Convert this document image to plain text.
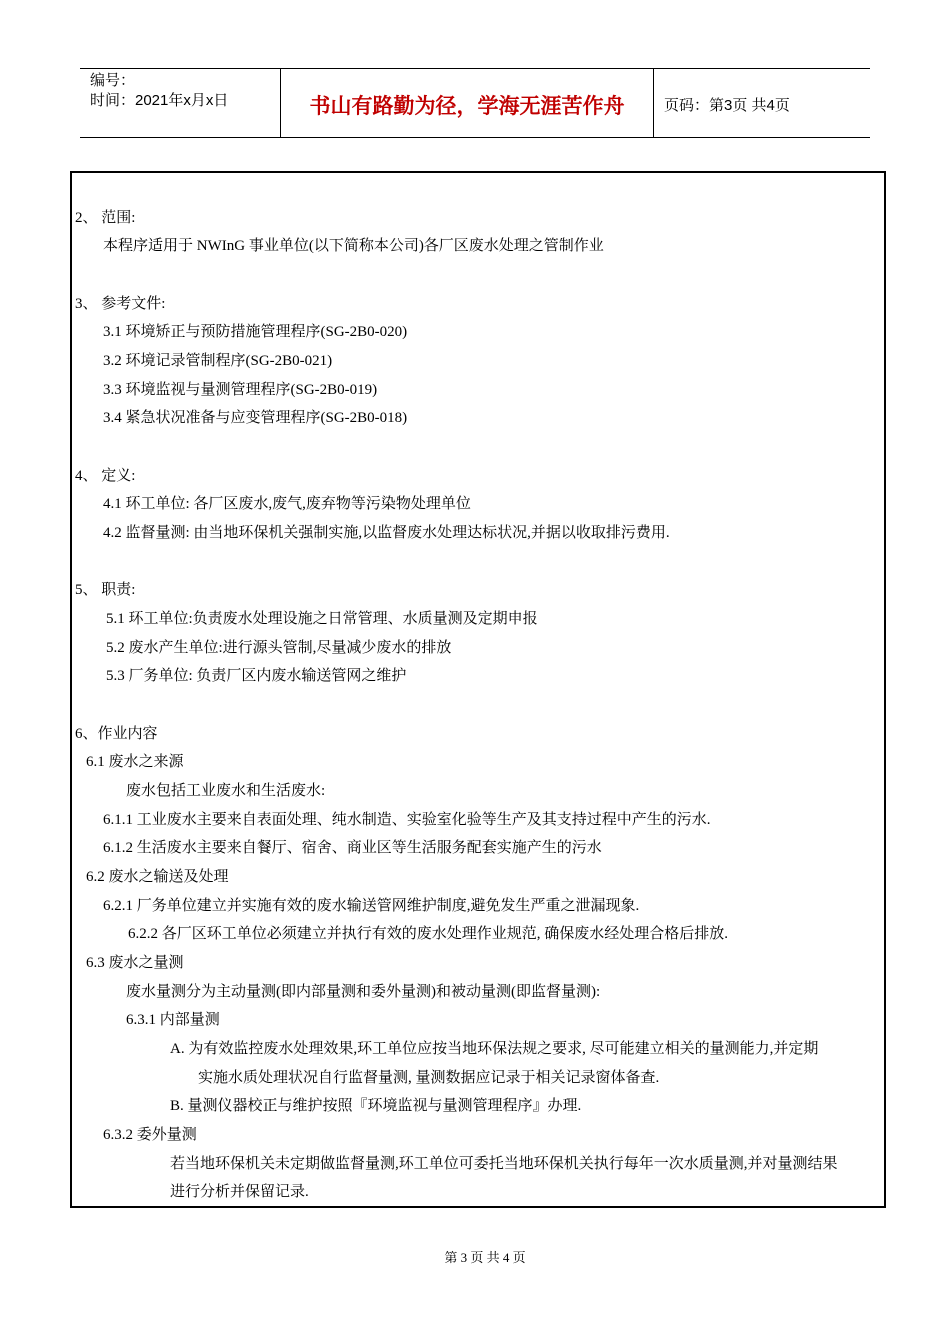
编号：
时间：2021年x月x日	书山有路勤为径，学海无涯苦作舟	页码：第3页 共4页
2、 范围:
本程序适用于 NWInG 事业单位(以下简称本公司)各厂区废水处理之管制作业
3、 参考文件:
3.1 环境矫正与预防措施管理程序(SG-2B0-020)
3.2 环境记录管制程序(SG-2B0-021)
3.3 环境监视与量测管理程序(SG-2B0-019)
3.4 紧急状况准备与应变管理程序(SG-2B0-018)
4、 定义:
4.1 环工单位: 各厂区废水,废气,废弃物等污染物处理单位
4.2 监督量测: 由当地环保机关强制实施,以监督废水处理达标状况,并据以收取排污费用.
5、 职责:
5.1 环工单位:负责废水处理设施之日常管理、水质量测及定期申报
5.2 废水产生单位:进行源头管制,尽量减少废水的排放
5.3 厂务单位: 负责厂区内废水输送管网之维护
6、作业内容
6.1 废水之来源
废水包括工业废水和生活废水:
6.1.1 工业废水主要来自表面处理、纯水制造、实验室化验等生产及其支持过程中产生的污水.
6.1.2 生活废水主要来自餐厅、宿舍、商业区等生活服务配套实施产生的污水
6.2 废水之输送及处理
6.2.1 厂务单位建立并实施有效的废水输送管网维护制度,避免发生严重之泄漏现象.
6.2.2 各厂区环工单位必须建立并执行有效的废水处理作业规范, 确保废水经处理合格后排放.
6.3 废水之量测
废水量测分为主动量测(即内部量测和委外量测)和被动量测(即监督量测):
6.3.1 内部量测
A. 为有效监控废水处理效果,环工单位应按当地环保法规之要求, 尽可能建立相关的量测能力,并定期
实施水质处理状况自行监督量测, 量测数据应记录于相关记录窗体备查.
B. 量测仪器校正与维护按照『环境监视与量测管理程序』办理.
6.3.2 委外量测
若当地环保机关未定期做监督量测,环工单位可委托当地环保机关执行每年一次水质量测,并对量测结果
进行分析并保留记录.
第 3 页 共 4 页
